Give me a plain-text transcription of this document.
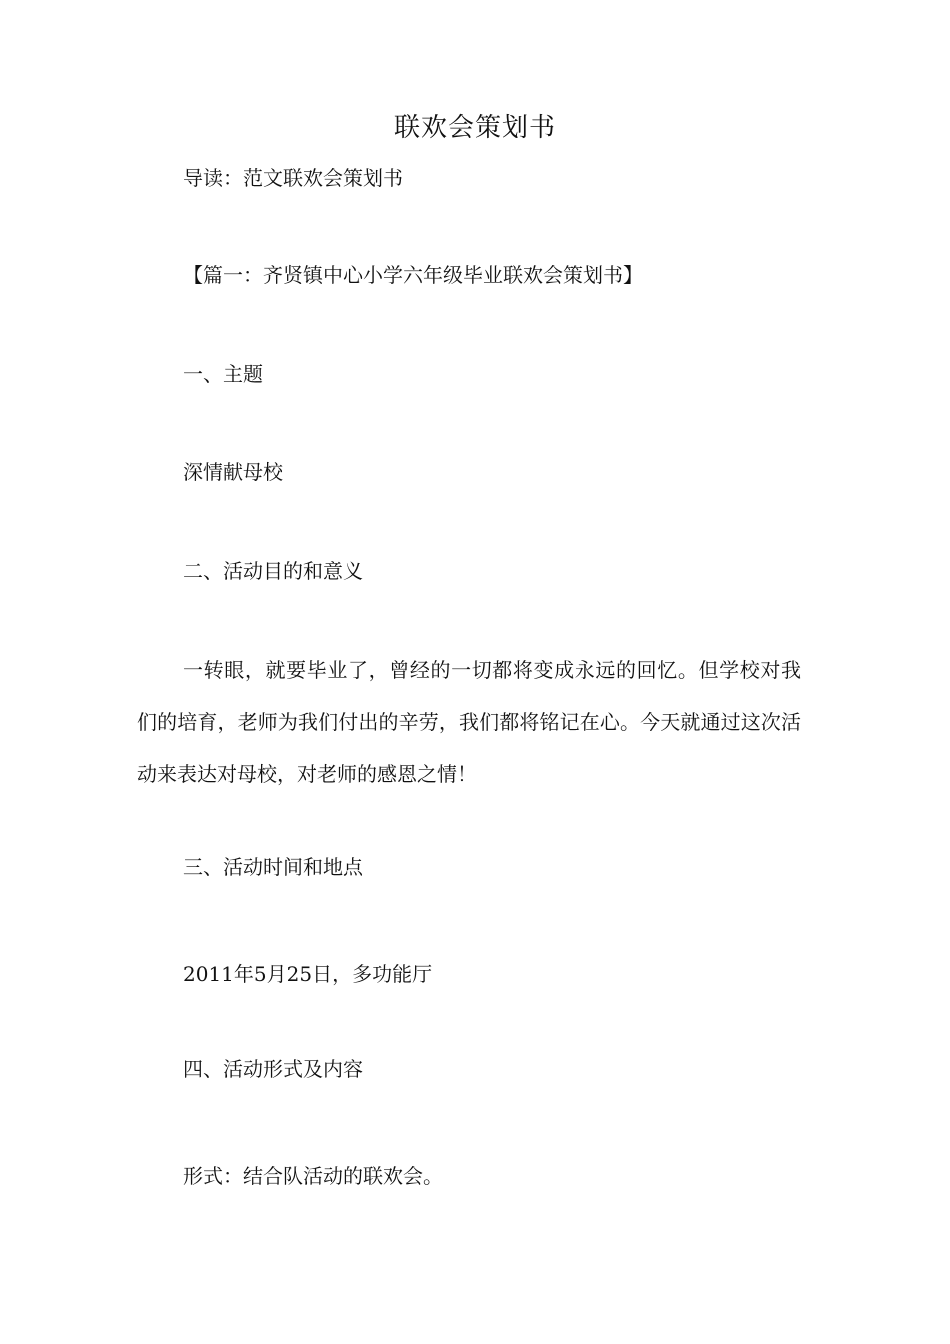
联欢会策划书
导读：范文联欢会策划书
【篇一：齐贤镇中心小学六年级毕业联欢会策划书】
一、主题
深情献母校
二、活动目的和意义
一转眼，就要毕业了，曾经的一切都将变成永远的回忆。但学校对我们的培育，老师为我们付出的辛劳，我们都将铭记在心。今天就通过这次活动来表达对母校，对老师的感恩之情！
三、活动时间和地点
2011年5月25日，多功能厅
四、活动形式及内容
形式：结合队活动的联欢会。
